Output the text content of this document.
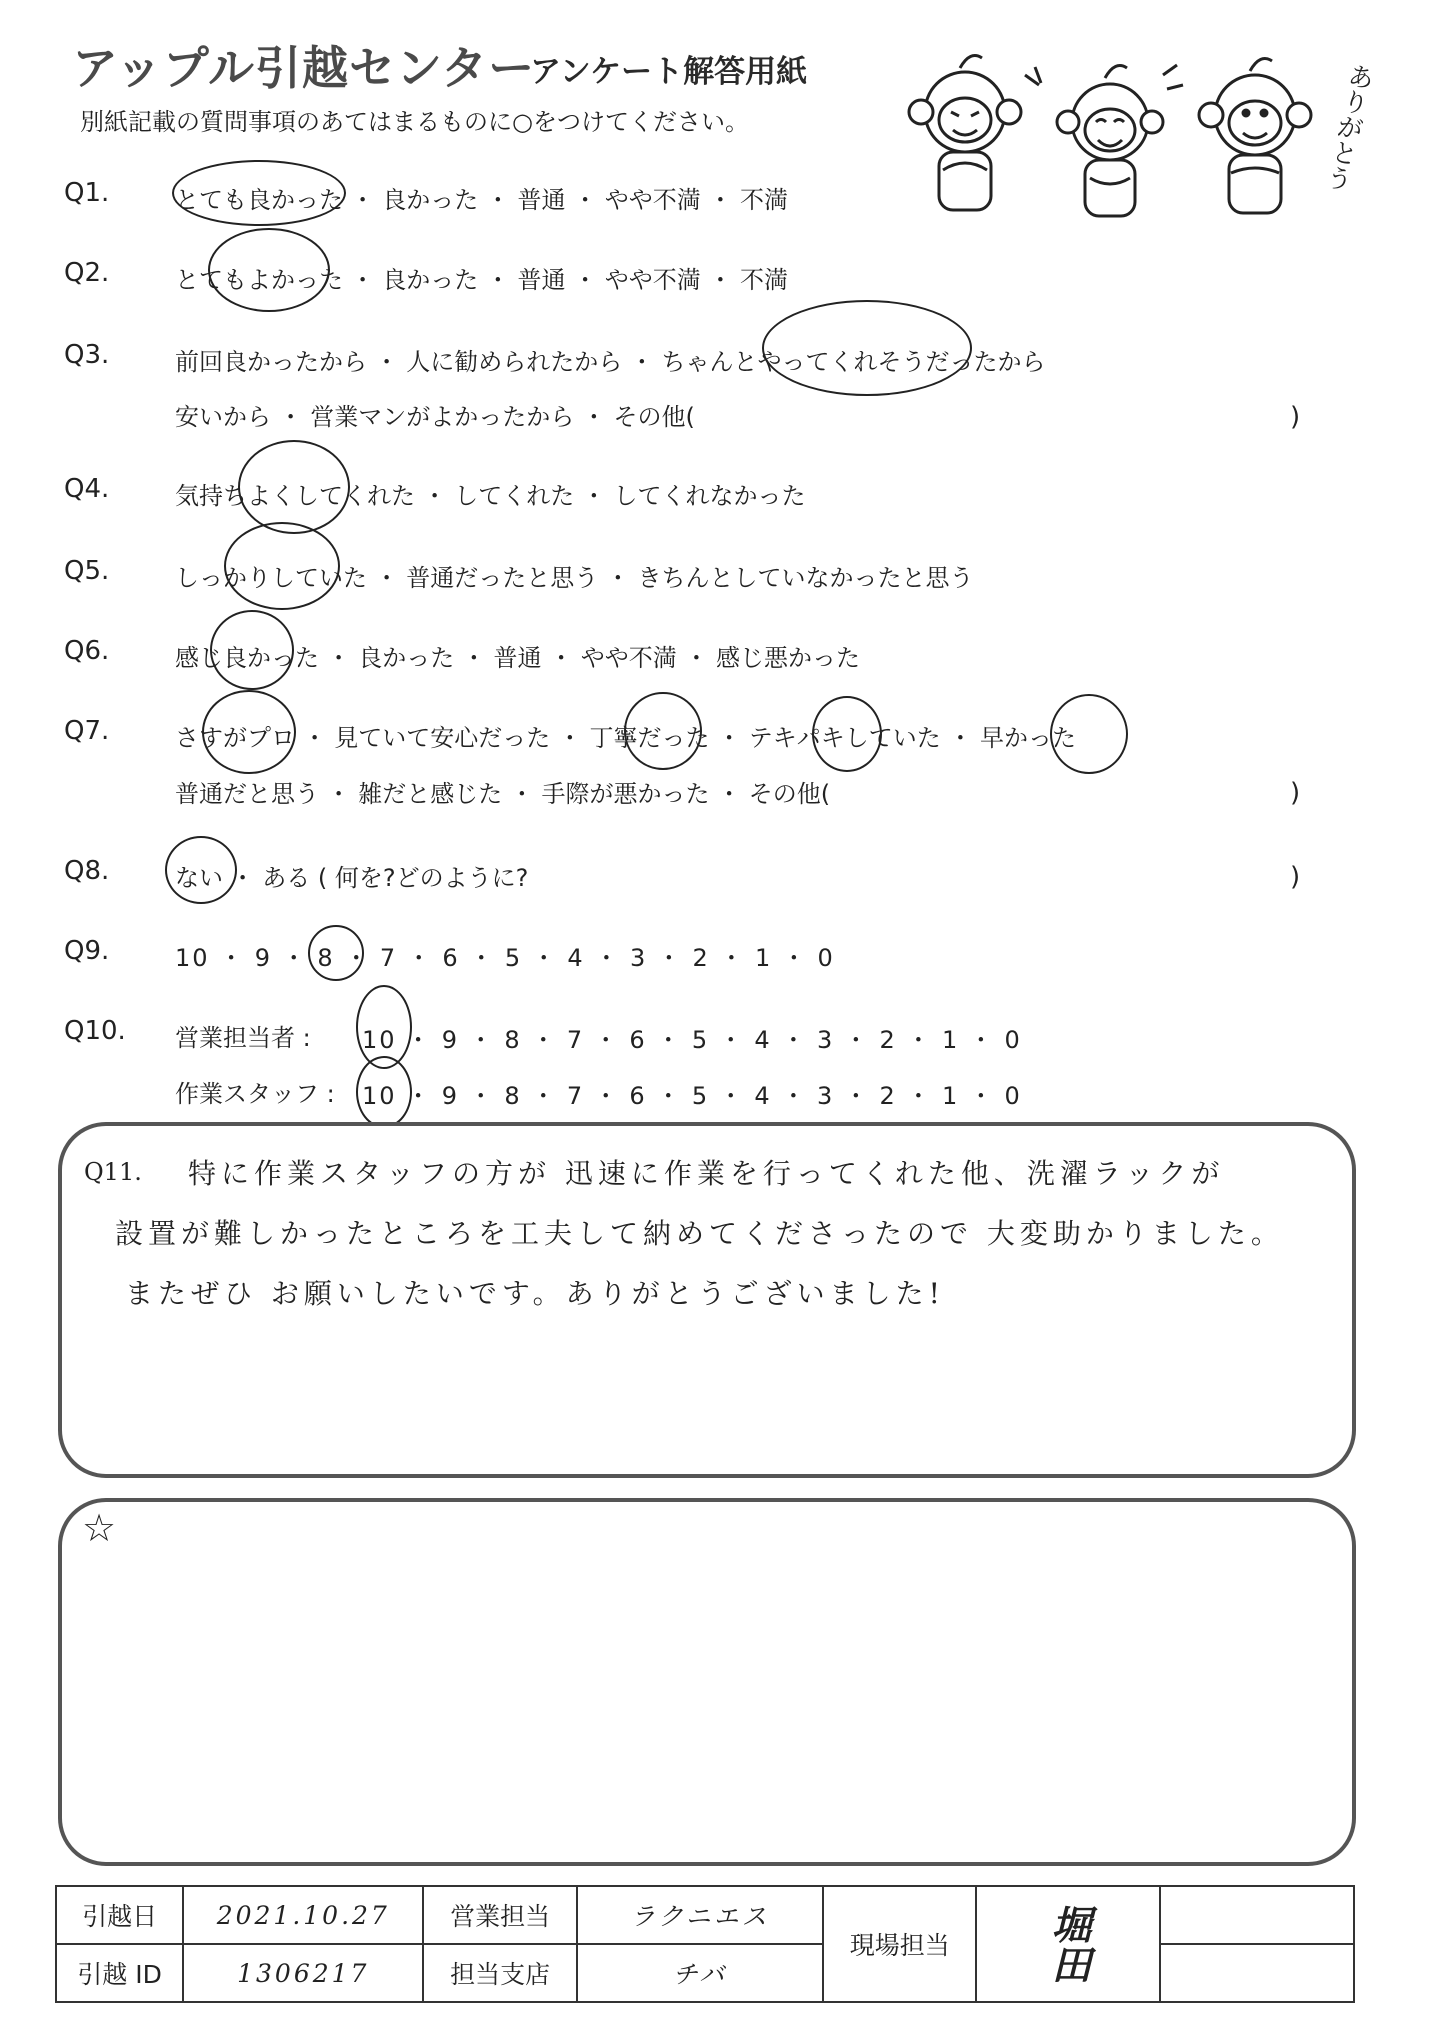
アップル引越センター
アンケート解答用紙
別紙記載の質問事項のあてはまるものに○をつけてください。	ありがとう
Q1.	とても良かった ・ 良かった ・ 普通 ・ やや不満 ・ 不満
Q2.	とてもよかった ・ 良かった ・ 普通 ・ やや不満 ・ 不満
Q3.	前回良かったから ・ 人に勧められたから ・ ちゃんとやってくれそうだったから
安いから ・ 営業マンがよかったから ・ その他(	)
Q4.	気持ちよくしてくれた ・ してくれた ・ してくれなかった
Q5.	しっかりしていた ・ 普通だったと思う ・ きちんとしていなかったと思う
Q6.	感じ良かった ・ 良かった ・ 普通 ・ やや不満 ・ 感じ悪かった
Q7.	さすがプロ ・ 見ていて安心だった ・ 丁寧だった ・ テキパキしていた ・ 早かった
普通だと思う ・ 雑だと感じた ・ 手際が悪かった ・ その他(	)
Q8.	ない ・ ある ( 何を?どのように?	)
Q9.	10 ・ 9 ・ 8 ・ 7 ・ 6 ・ 5 ・ 4 ・ 3 ・ 2 ・ 1 ・ 0
Q10. 営業担当者 : 10 ・ 9 ・ 8 ・ 7 ・ 6 ・ 5 ・ 4 ・ 3 ・ 2 ・ 1 ・ 0
作業スタッフ : 10 ・ 9 ・ 8 ・ 7 ・ 6 ・ 5 ・ 4 ・ 3 ・ 2 ・ 1 ・ 0
Q11. 特に作業スタッフの方が 迅速に作業を行ってくれた他、洗濯ラックが
設置が難しかったところを工夫して納めてくださったので 大変助かりました。
またぜひ お願いしたいです。ありがとうございました!
☆
引越日	2021.10.27	営業担当	ラクニエス	現場担当	堀田	
引越 ID	1306217	担当支店	チバ			
